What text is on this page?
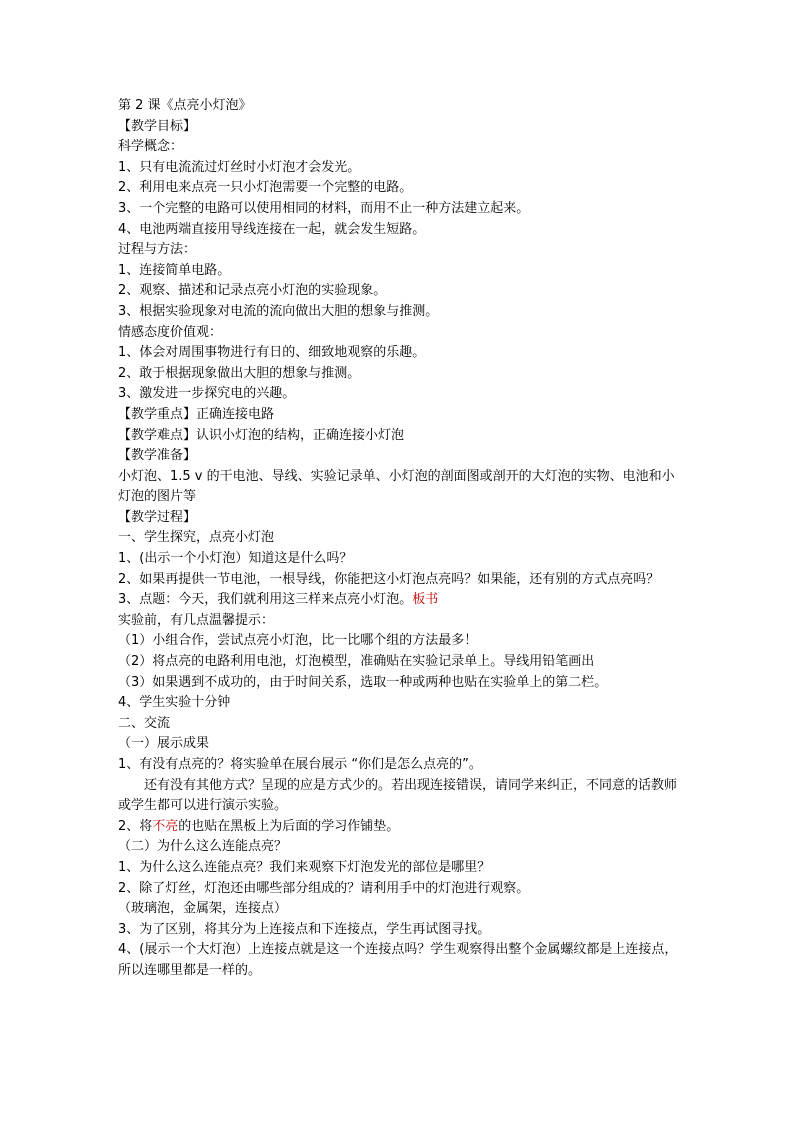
第 2 课《点亮小灯泡》
【教学目标】
科学概念：
1、只有电流流过灯丝时小灯泡才会发光。
2、利用电来点亮一只小灯泡需要一个完整的电路。
3、一个完整的电路可以使用相同的材料，而用不止一种方法建立起来。
4、电池两端直接用导线连接在一起，就会发生短路。
过程与方法：
1、连接简单电路。
2、观察、描述和记录点亮小灯泡的实验现象。
3、根据实验现象对电流的流向做出大胆的想象与推测。
情感态度价值观：
1、体会对周围事物进行有日的、细致地观察的乐趣。
2、敢于根据现象做出大胆的想象与推测。
3、激发进一步探究电的兴趣。
【教学重点】正确连接电路
【教学难点】认识小灯泡的结构，正确连接小灯泡
【教学准备】
小灯泡、1.5 v 的干电池、导线、实验记录单、小灯泡的剖面图或剖开的大灯泡的实物、电池和小灯泡的图片等
【教学过程】
一、学生探究，点亮小灯泡
1、(出示一个小灯泡）知道这是什么吗？
2、如果再提供一节电池，一根导线，你能把这小灯泡点亮吗？如果能，还有别的方式点亮吗？
3、点题：今天，我们就利用这三样来点亮小灯泡。板书
实验前，有几点温馨提示：
（1）小组合作，尝试点亮小灯泡，比一比哪个组的方法最多！
（2）将点亮的电路利用电池，灯泡模型，准确贴在实验记录单上。导线用铅笔画出
（3）如果遇到不成功的，由于时间关系，选取一种或两种也贴在实验单上的第二栏。
4、学生实验十分钟
二、交流
（一）展示成果
1、有没有点亮的？将实验单在展台展示 “你们是怎么点亮的”。
还有没有其他方式？呈现的应是方式少的。若出现连接错误，请同学来纠正，不同意的话教师或学生都可以进行演示实验。
2、将不亮的也贴在黑板上为后面的学习作铺垫。
（二）为什么这么连能点亮？
1、为什么这么连能点亮？我们来观察下灯泡发光的部位是哪里？
2、除了灯丝，灯泡还由哪些部分组成的？请利用手中的灯泡进行观察。
（玻璃泡，金属架，连接点）
3、为了区别，将其分为上连接点和下连接点，学生再试图寻找。
4、(展示一个大灯泡）上连接点就是这一个连接点吗？学生观察得出整个金属螺纹都是上连接点，所以连哪里都是一样的。
